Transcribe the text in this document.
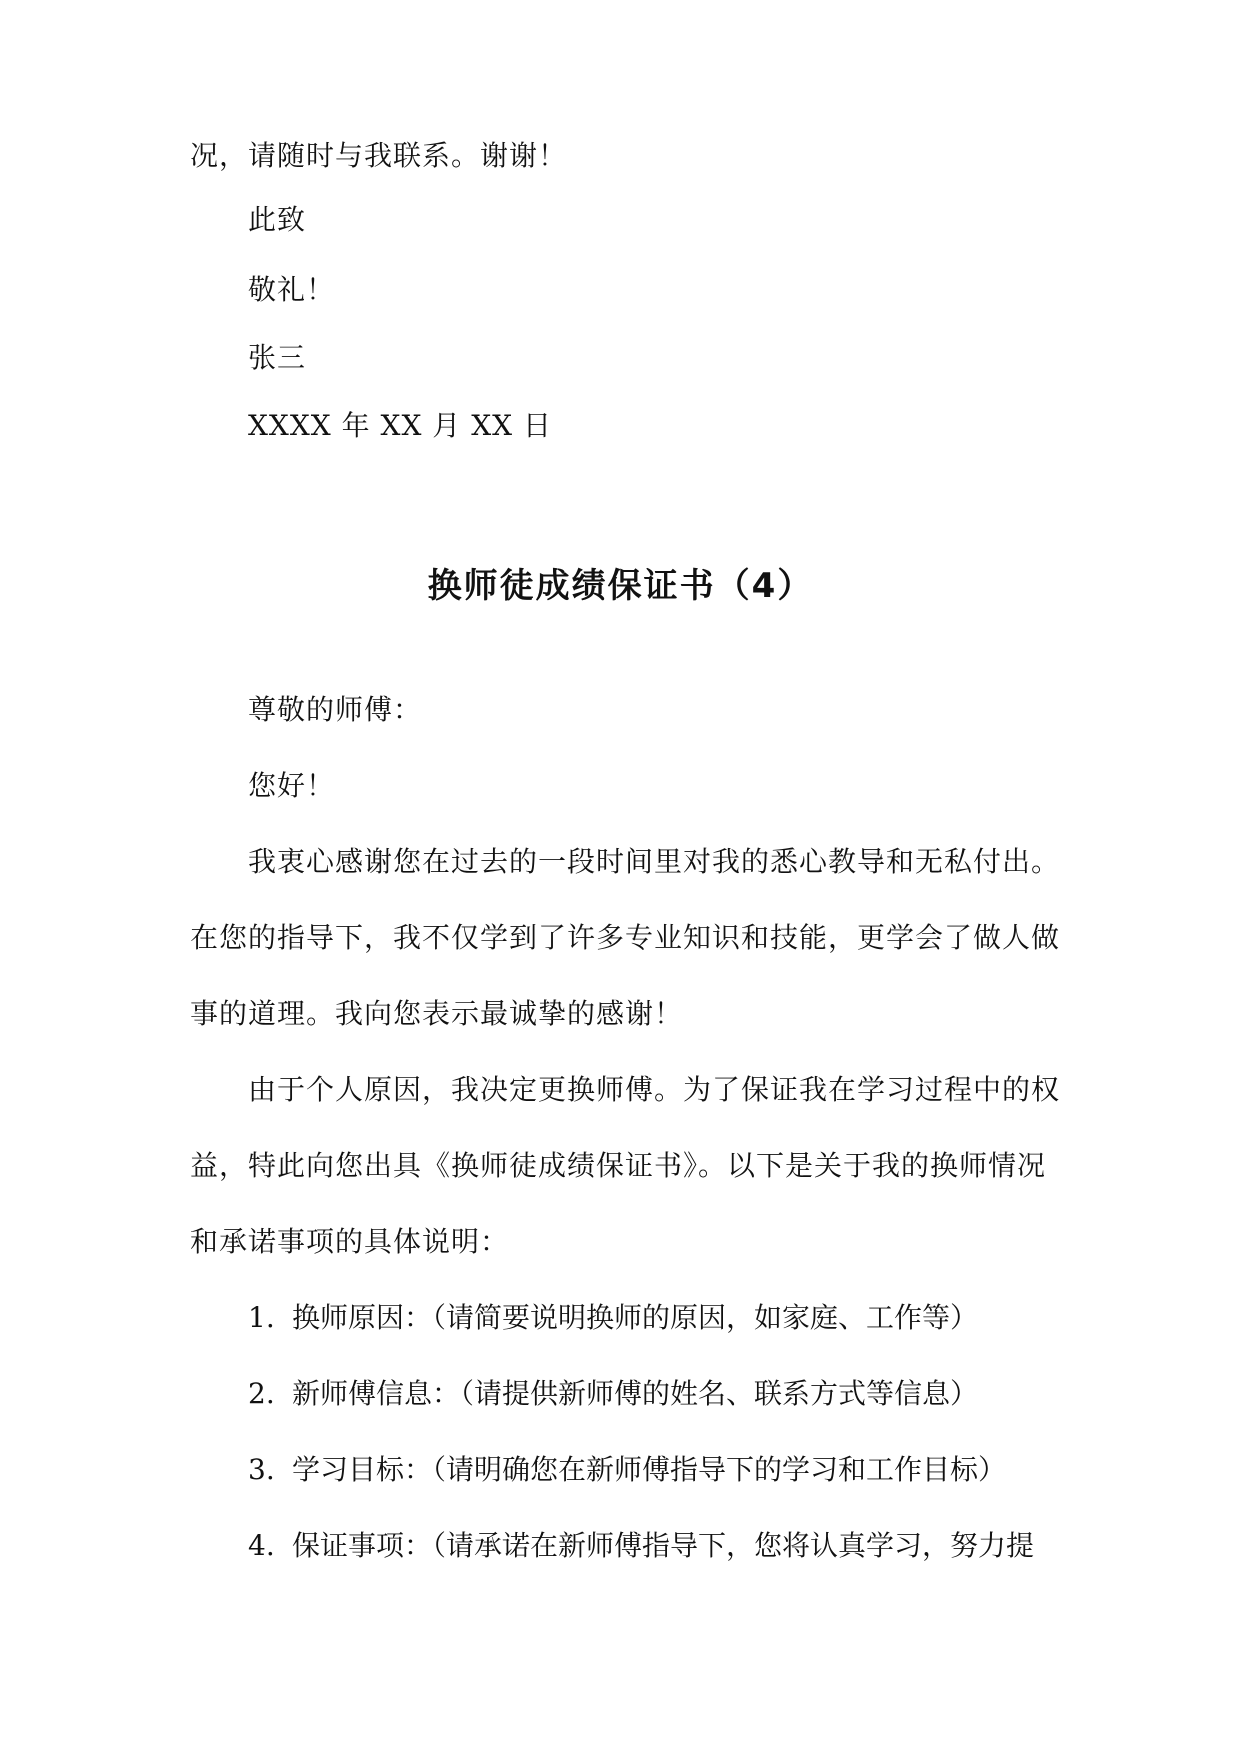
况，请随时与我联系。谢谢！
此致
敬礼！
张三
XXXX 年 XX 月 XX 日
换师徒成绩保证书（4）
尊敬的师傅：
您好！
我衷心感谢您在过去的一段时间里对我的悉心教导和无私付出。
在您的指导下，我不仅学到了许多专业知识和技能，更学会了做人做
事的道理。我向您表示最诚挚的感谢！
由于个人原因，我决定更换师傅。为了保证我在学习过程中的权
益，特此向您出具《换师徒成绩保证书》。以下是关于我的换师情况
和承诺事项的具体说明：
1. 换师原因：（请简要说明换师的原因，如家庭、工作等）
2. 新师傅信息：（请提供新师傅的姓名、联系方式等信息）
3. 学习目标：（请明确您在新师傅指导下的学习和工作目标）
4. 保证事项：（请承诺在新师傅指导下，您将认真学习，努力提
